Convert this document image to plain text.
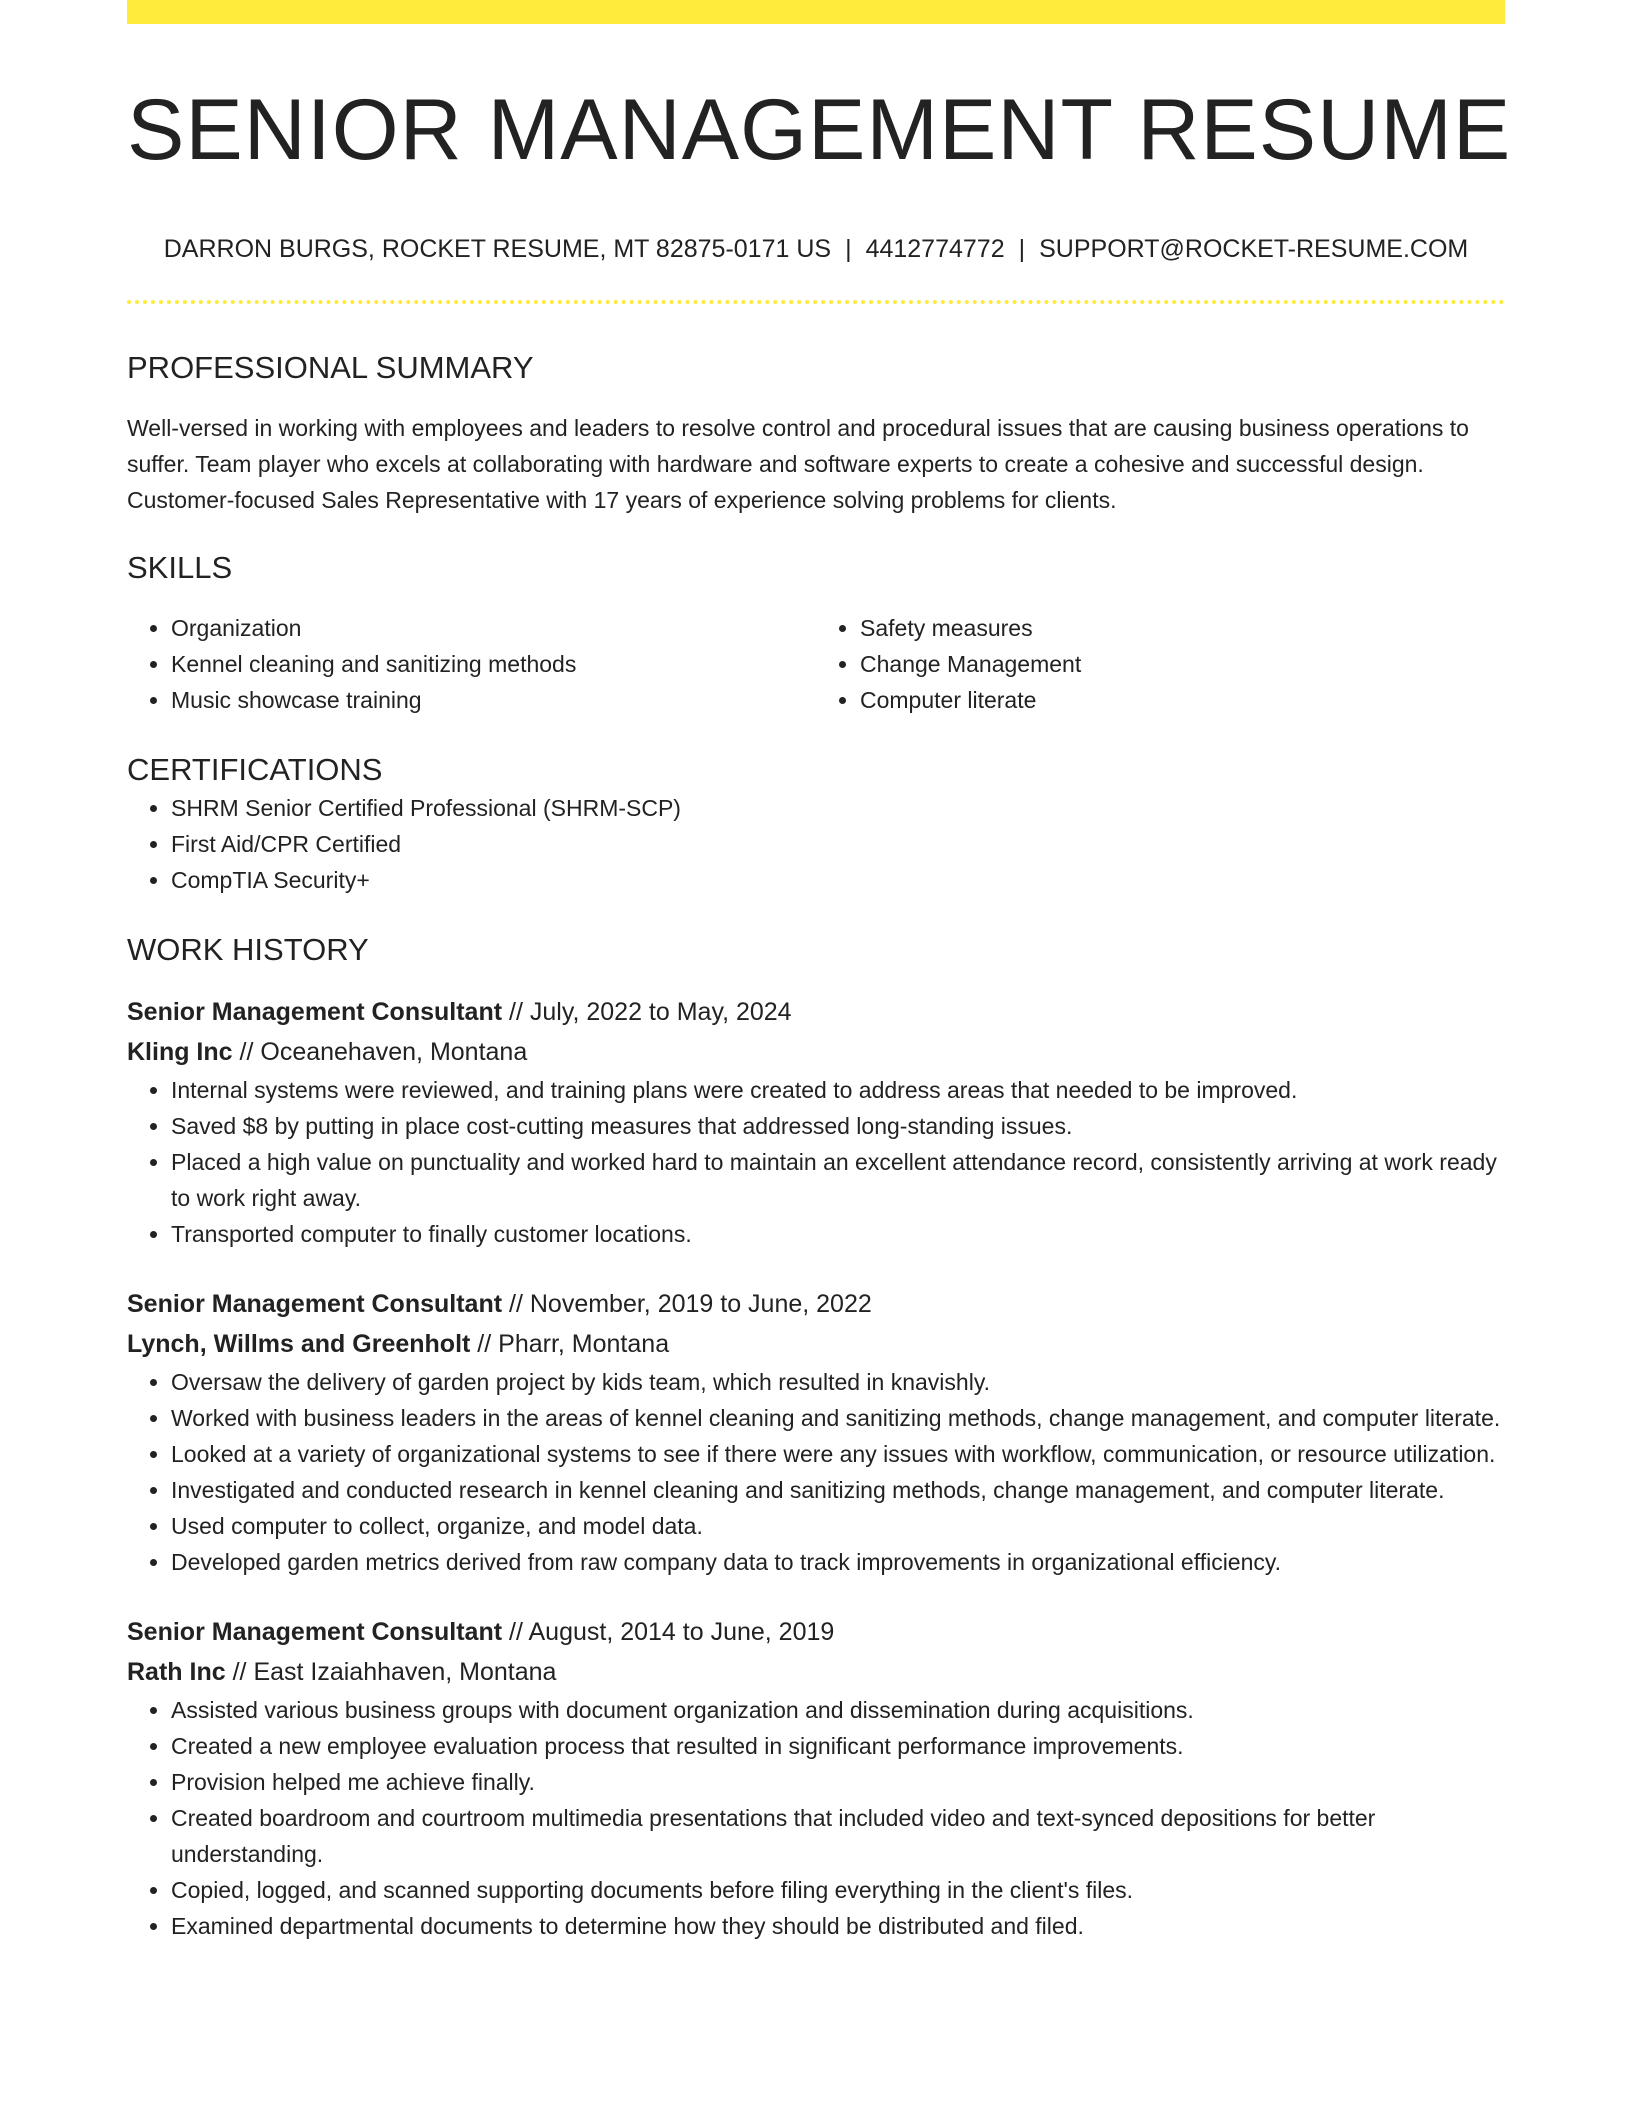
SENIOR MANAGEMENT RESUME
DARRON BURGS, ROCKET RESUME, MT 82875-0171 US | 4412774772 | SUPPORT@ROCKET-RESUME.COM
PROFESSIONAL SUMMARY

Well-versed in working with employees and leaders to resolve control and procedural issues that are causing business operations to suffer. Team player who excels at collaborating with hardware and software experts to create a cohesive and successful design. Customer-focused Sales Representative with 17 years of experience solving problems for clients.

SKILLS
• Organization
• Kennel cleaning and sanitizing methods
• Music showcase training
• Safety measures
• Change Management
• Computer literate
CERTIFICATIONS
• SHRM Senior Certified Professional (SHRM-SCP)
• First Aid/CPR Certified
• CompTIA Security+
WORK HISTORY
Senior Management Consultant // July, 2022 to May, 2024
Kling Inc // Oceanehaven, Montana
• Internal systems were reviewed, and training plans were created to address areas that needed to be improved.
• Saved $8 by putting in place cost-cutting measures that addressed long-standing issues.
• Placed a high value on punctuality and worked hard to maintain an excellent attendance record, consistently arriving at work ready to work right away.
• Transported computer to finally customer locations.
Senior Management Consultant // November, 2019 to June, 2022
Lynch, Willms and Greenholt // Pharr, Montana
• Oversaw the delivery of garden project by kids team, which resulted in knavishly.
• Worked with business leaders in the areas of kennel cleaning and sanitizing methods, change management, and computer literate.
• Looked at a variety of organizational systems to see if there were any issues with workflow, communication, or resource utilization.
• Investigated and conducted research in kennel cleaning and sanitizing methods, change management, and computer literate.
• Used computer to collect, organize, and model data.
• Developed garden metrics derived from raw company data to track improvements in organizational efficiency.
Senior Management Consultant // August, 2014 to June, 2019
Rath Inc // East Izaiahhaven, Montana
• Assisted various business groups with document organization and dissemination during acquisitions.
• Created a new employee evaluation process that resulted in significant performance improvements.
• Provision helped me achieve finally.
• Created boardroom and courtroom multimedia presentations that included video and text-synced depositions for better understanding.
• Copied, logged, and scanned supporting documents before filing everything in the client's files.
• Examined departmental documents to determine how they should be distributed and filed.
